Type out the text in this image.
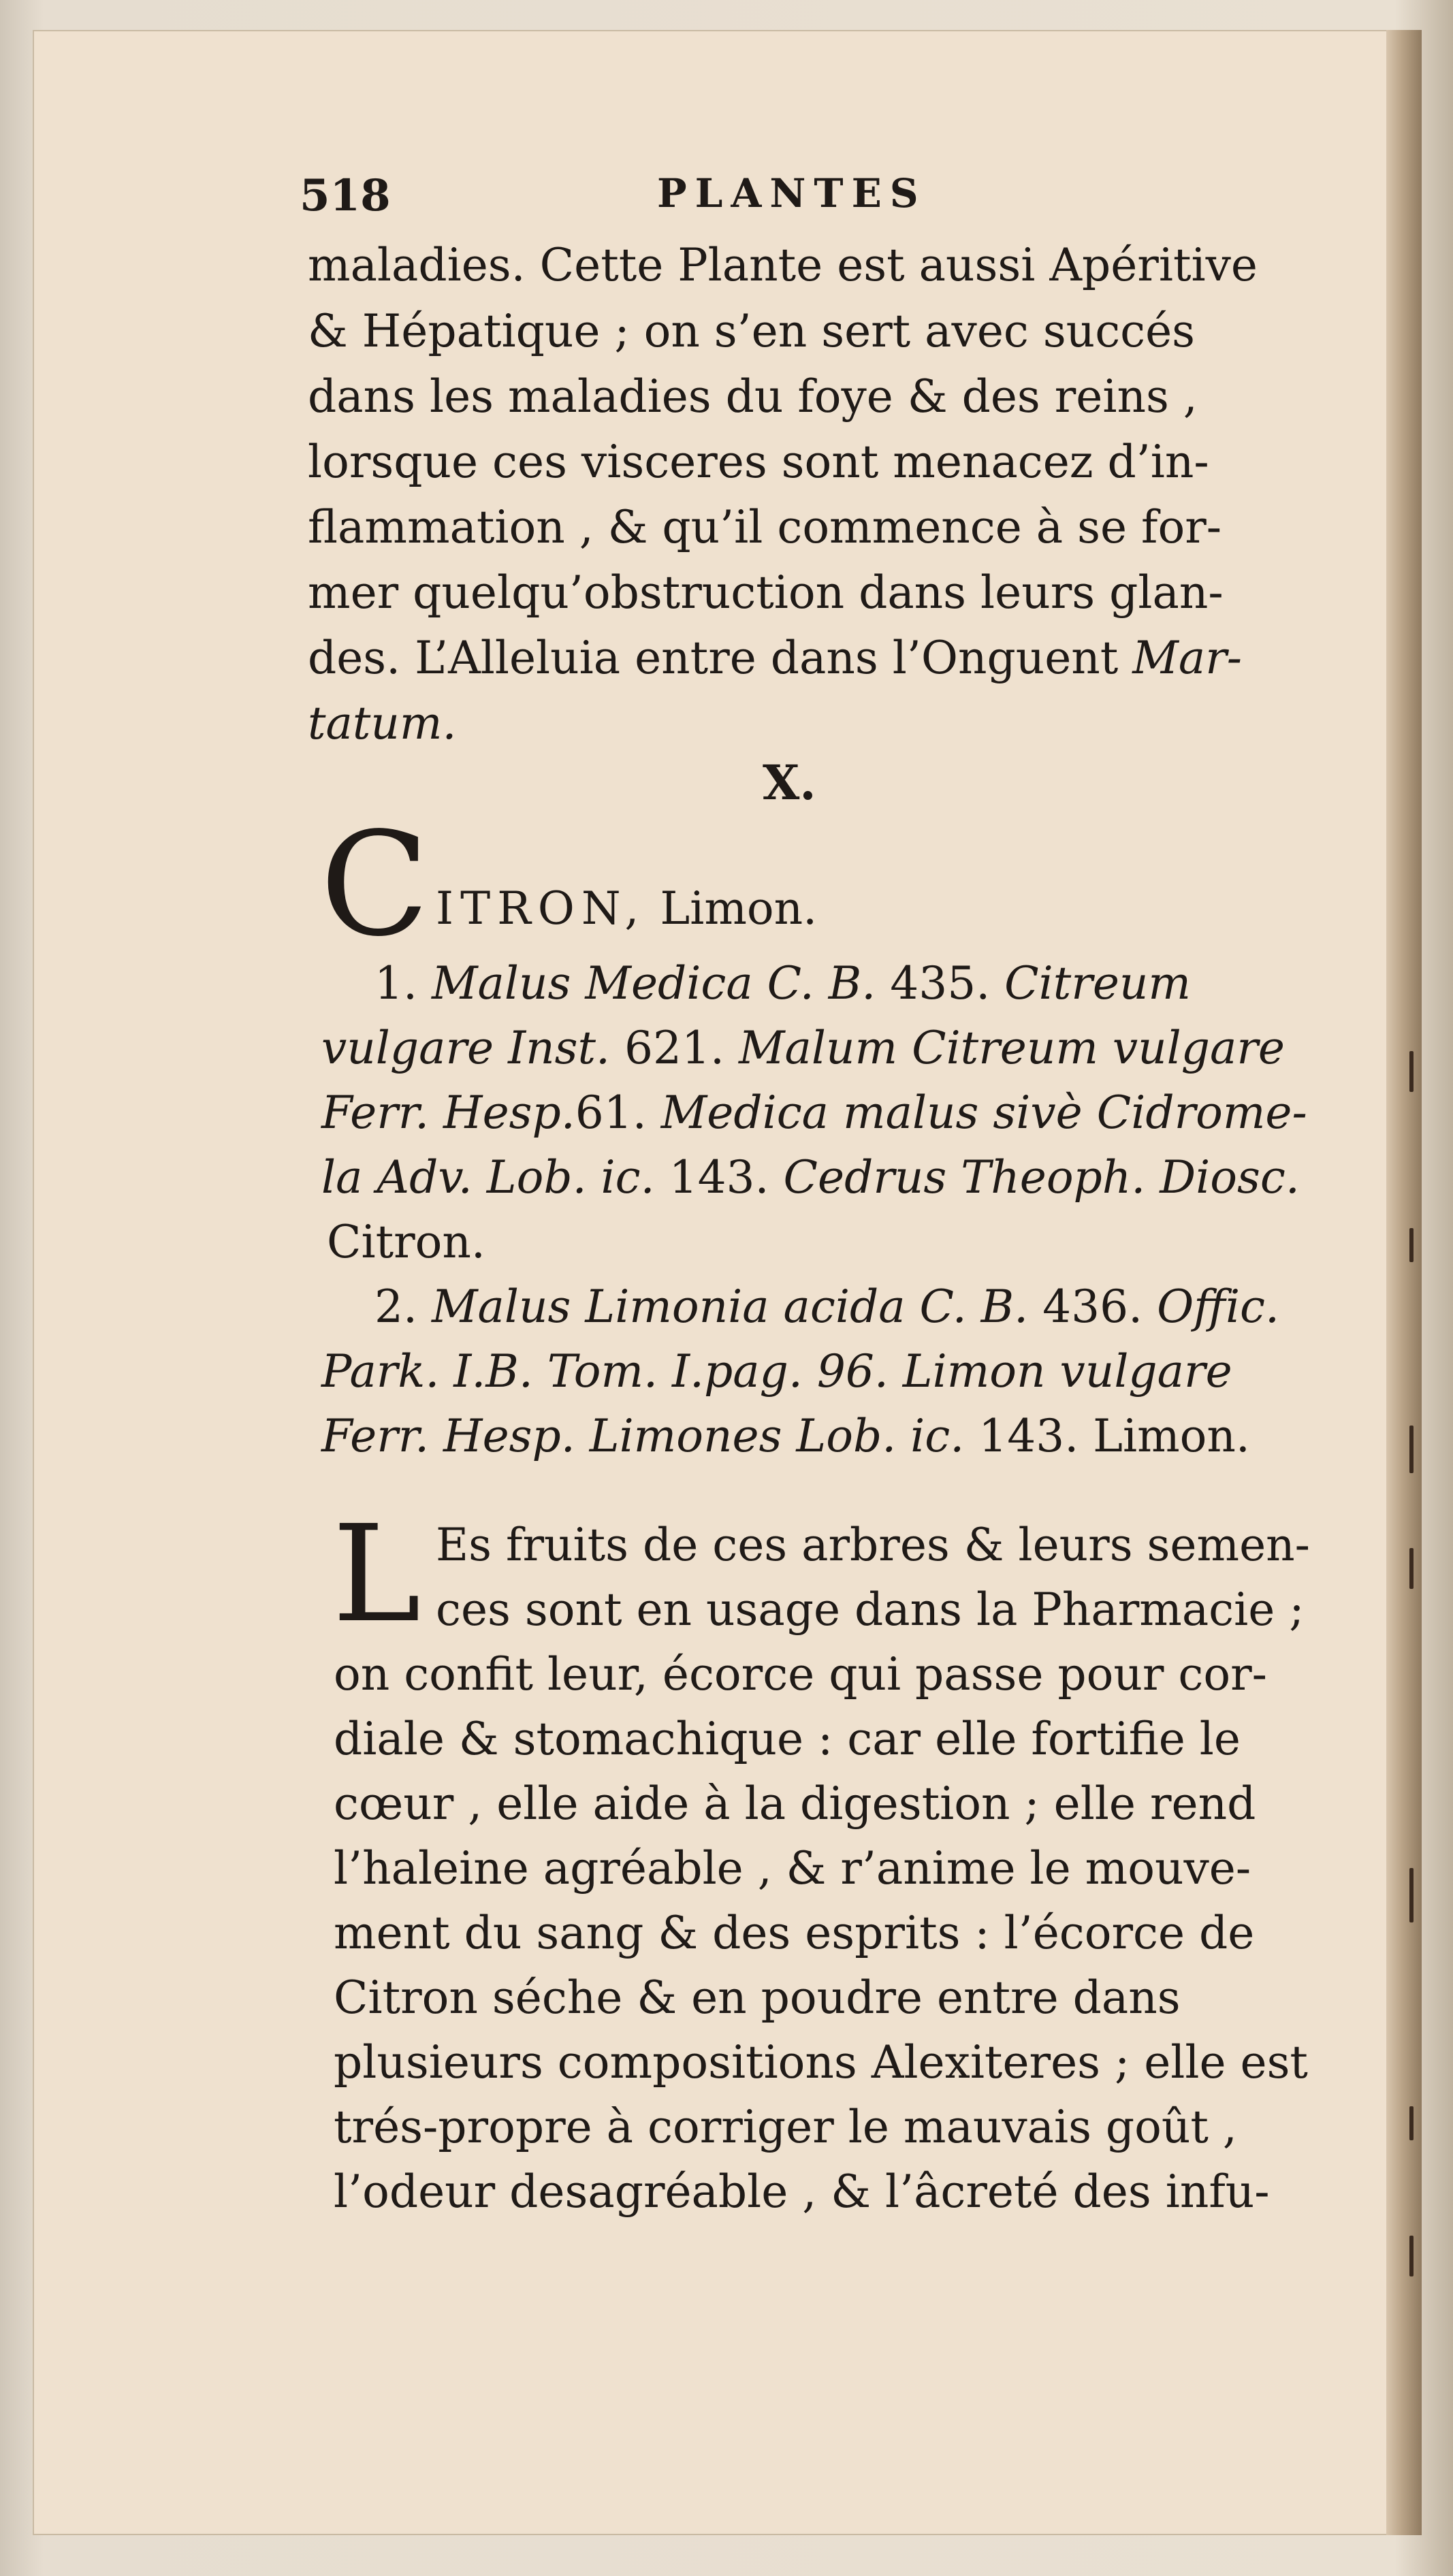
518	PLANTES

maladies. Cette Plante est aussi Apéritive

& Hépatique ; on s’en sert avec succés

dans les maladies du foye & des reins ,

lorsque ces visceres sont menacez d’in-

flammation , & qu’il commence à se for-

mer quelqu’obstruction dans leurs glan-

des. L’Alleluia entre dans l’Onguent Mar-

tatum.

X.
C ITRON, Limon.

1. Malus Medica C. B. 435. Citreum

vulgare Inst. 621. Malum Citreum vulgare

Ferr. Hesp.61. Medica malus sivè Cidrome-

la Adv. Lob. ic. 143. Cedrus Theoph. Diosc.

Citron.

2. Malus Limonia acida C. B. 436. Offic.

Park. I.B. Tom. I.pag. 96. Limon vulgare

Ferr. Hesp. Limones Lob. ic. 143. Limon.

L Es fruits de ces arbres & leurs semen-

ces sont en usage dans la Pharmacie ;

on confit leur, écorce qui passe pour cor-

diale & stomachique : car elle fortifie le

cœur , elle aide à la digestion ; elle rend

l’haleine agréable , & r’anime le mouve-

ment du sang & des esprits : l’écorce de

Citron séche & en poudre entre dans

plusieurs compositions Alexiteres ; elle est

trés-propre à corriger le mauvais goût ,

l’odeur desagréable , & l’âcreté des infu-
